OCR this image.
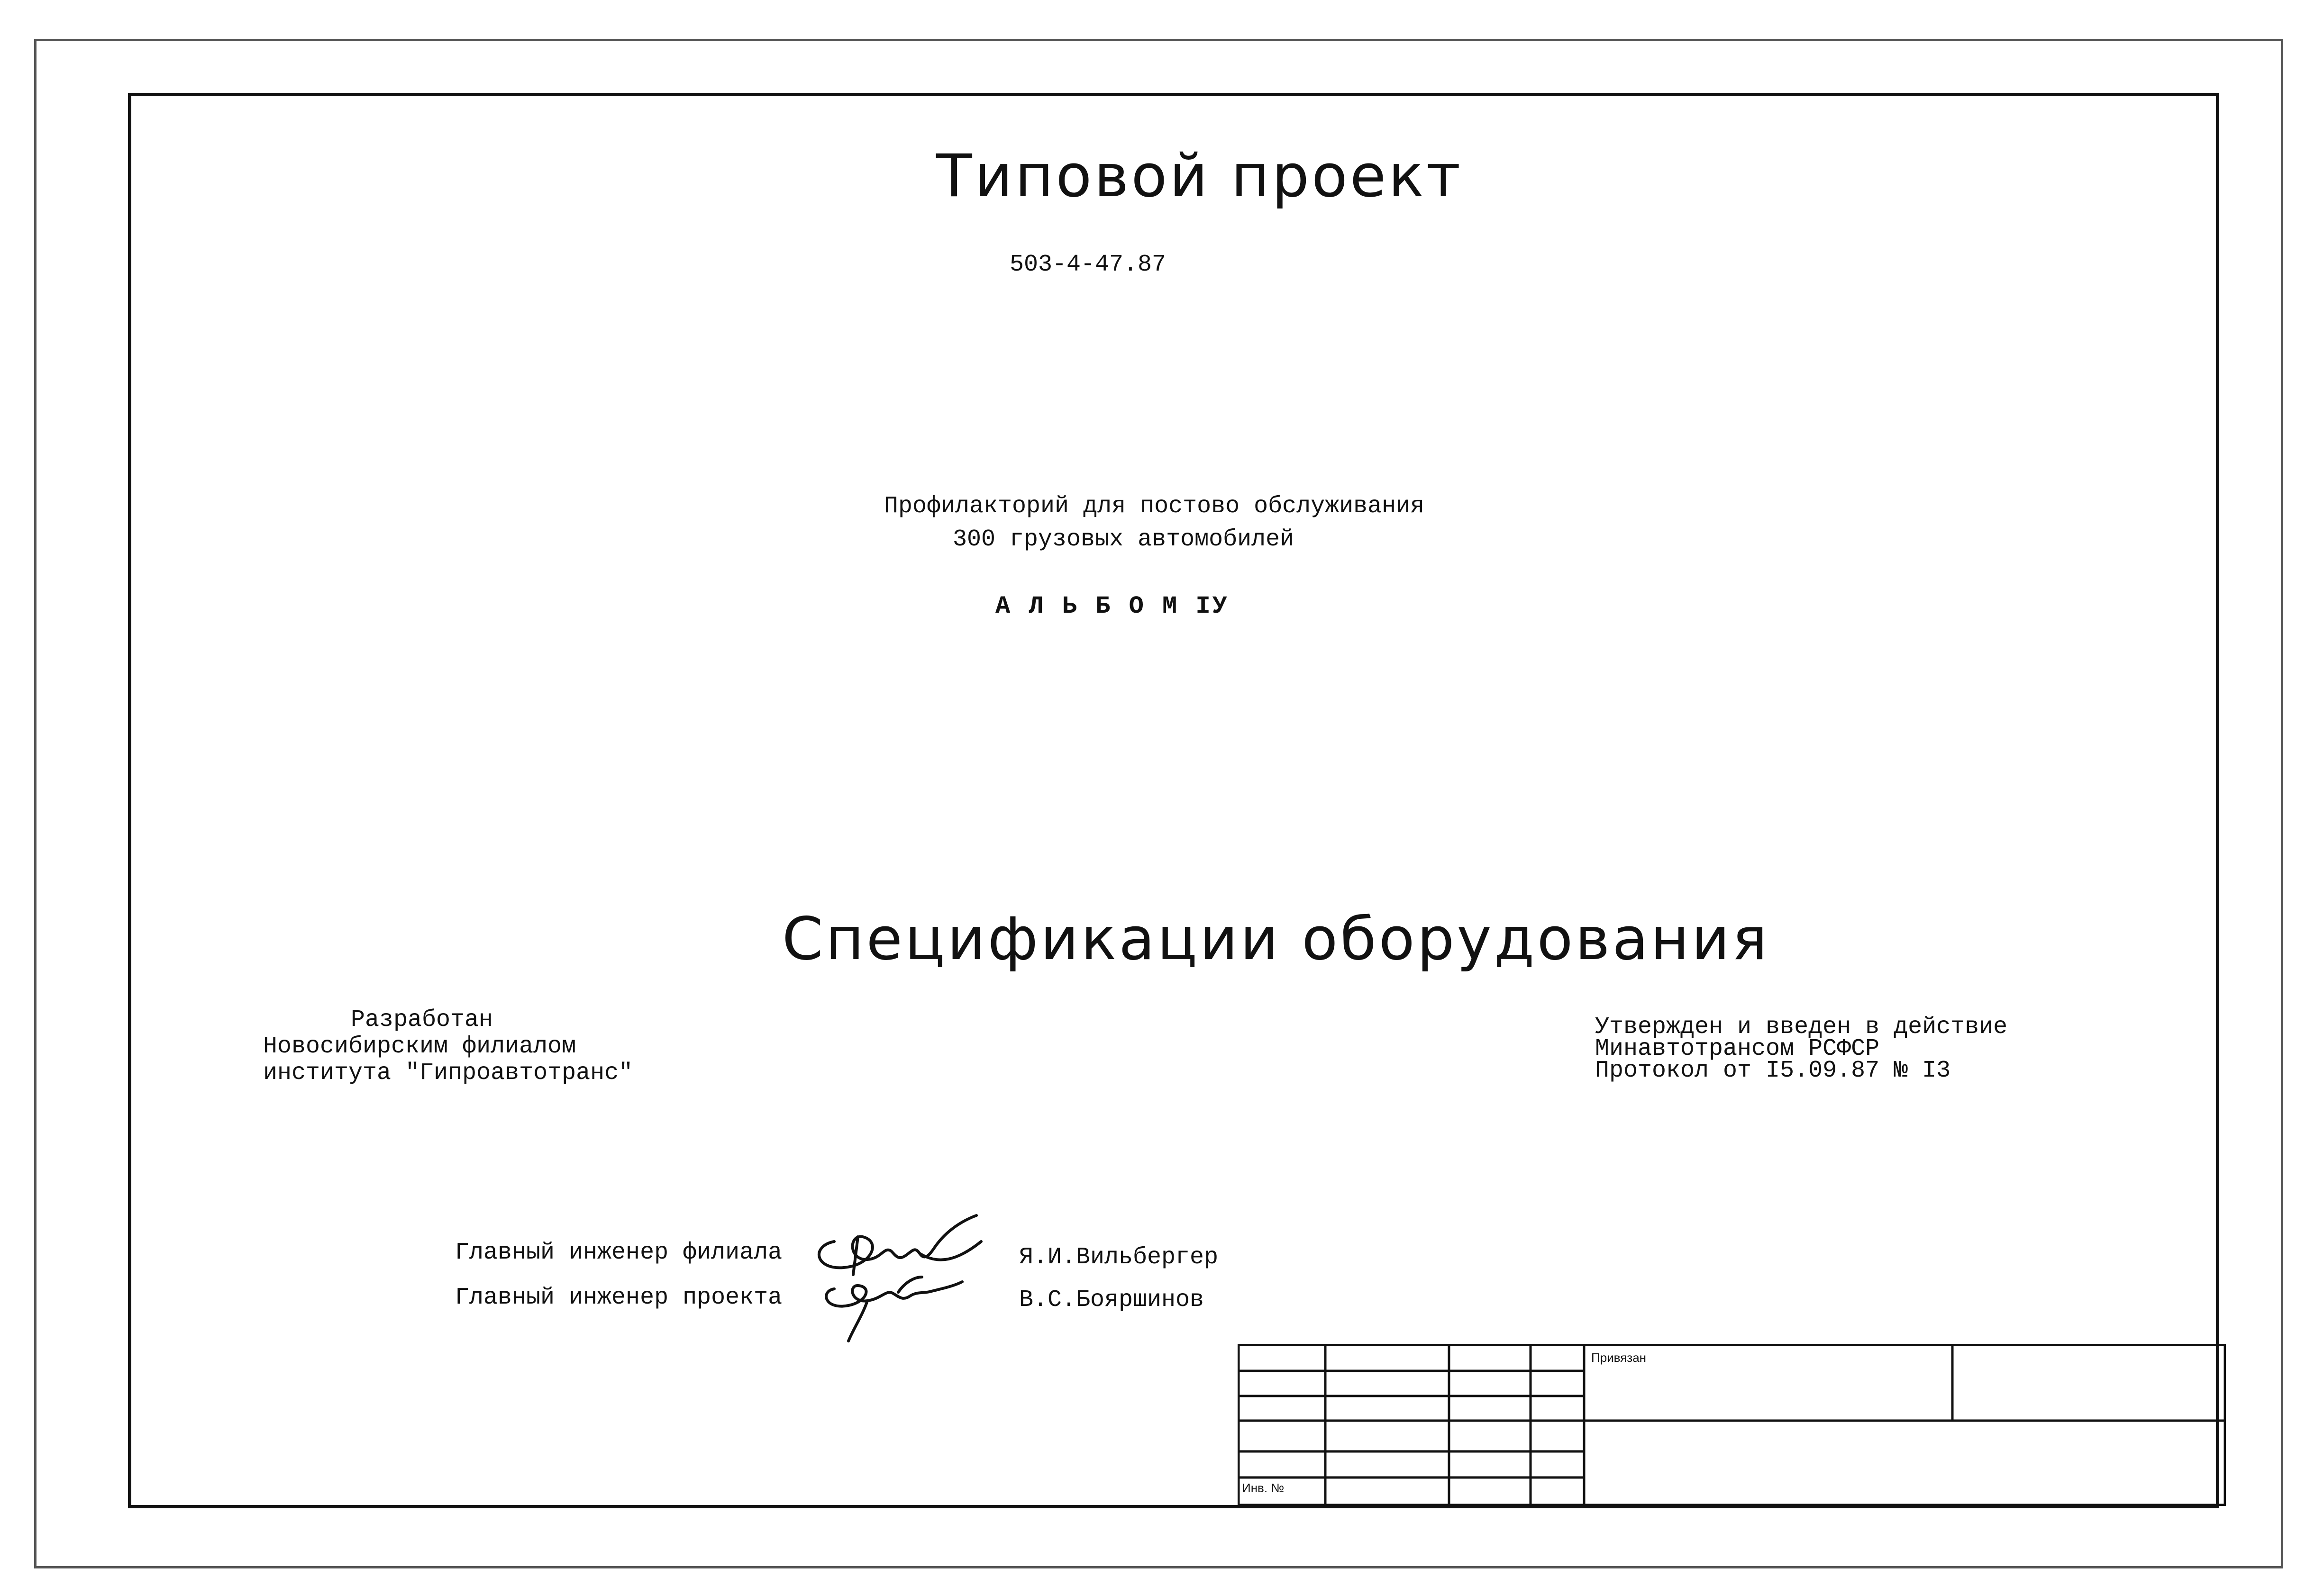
Типовой проект
503-4-47.87
Профилакторий для постово обслуживания
300 грузовых автомобилей
А Л Ь Б О М IУ
Спецификации оборудования
Разработан
Новосибирским филиалом
института "Гипроавтотранс"
Утвержден и введен в действие
Минавтотрансом РСФСР
Протокол от I5.09.87 № I3
Главный инженер филиала
Главный инженер проекта
Я.И.Вильбергер
В.С.Бояршинов
Привязан
Инв. №
